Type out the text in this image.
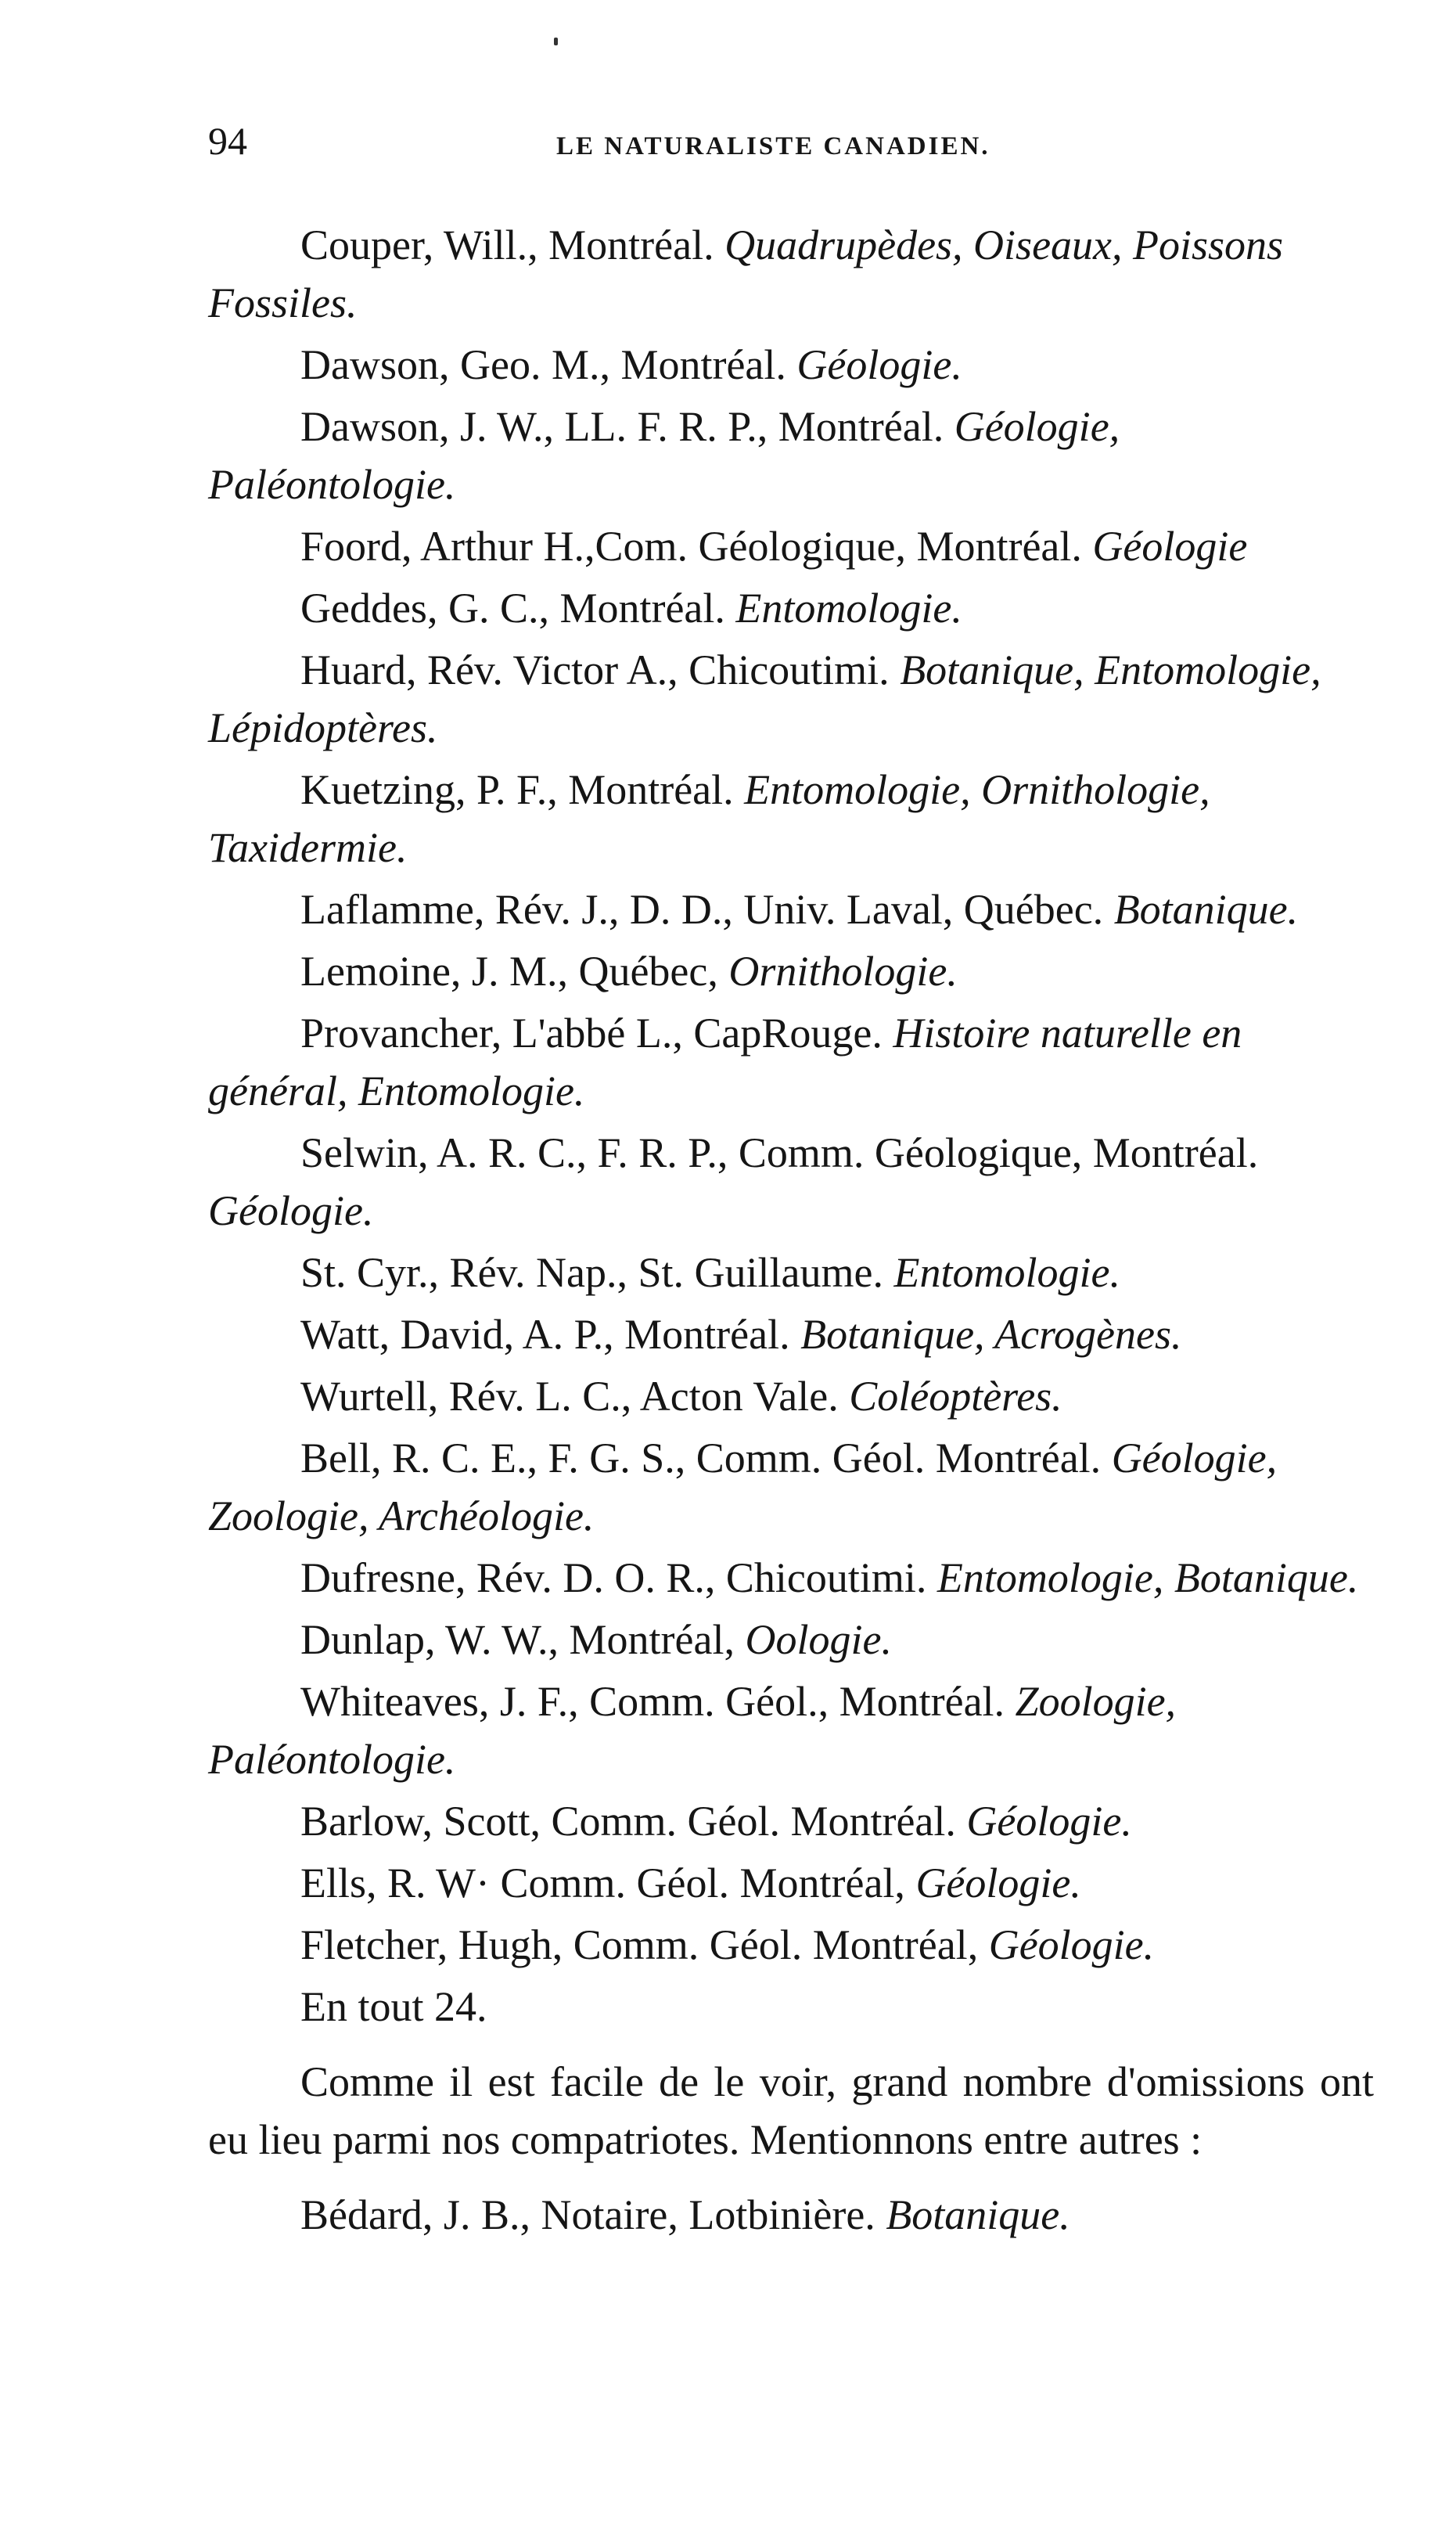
94	LE NATURALISTE CANADIEN.

Couper, Will., Montréal. Quadrupèdes, Oiseaux, Poissons Fossiles.

Dawson, Geo. M., Montréal. Géologie.

Dawson, J. W., LL. F. R. P., Montréal. Géologie, Paléontologie.

Foord, Arthur H.,Com. Géologique, Montréal. Géologie

Geddes, G. C., Montréal. Entomologie.

Huard, Rév. Victor A., Chicoutimi. Botanique, Entomologie, Lépidoptères.

Kuetzing, P. F., Montréal. Entomologie, Ornithologie, Taxidermie.

Laflamme, Rév. J., D. D., Univ. Laval, Québec. Botanique.

Lemoine, J. M., Québec, Ornithologie.

Provancher, L'abbé L., CapRouge. Histoire naturelle en général, Entomologie.

Selwin, A. R. C., F. R. P., Comm. Géologique, Montréal. Géologie.

St. Cyr., Rév. Nap., St. Guillaume. Entomologie.

Watt, David, A. P., Montréal. Botanique, Acrogènes.

Wurtell, Rév. L. C., Acton Vale. Coléoptères.

Bell, R. C. E., F. G. S., Comm. Géol. Montréal. Géologie, Zoologie, Archéologie.

Dufresne, Rév. D. O. R., Chicoutimi. Entomologie, Botanique.

Dunlap, W. W., Montréal, Oologie.

Whiteaves, J. F., Comm. Géol., Montréal. Zoologie, Paléontologie.

Barlow, Scott, Comm. Géol. Montréal. Géologie.

Ells, R. W· Comm. Géol. Montréal, Géologie.

Fletcher, Hugh, Comm. Géol. Montréal, Géologie.

En tout 24.

Comme il est facile de le voir, grand nombre d'omissions ont eu lieu parmi nos compatriotes. Mentionnons entre autres :

Bédard, J. B., Notaire, Lotbinière. Botanique.
